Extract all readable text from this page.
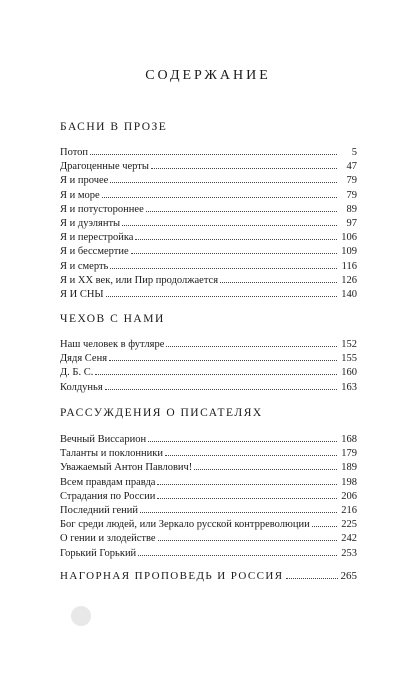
СОДЕРЖАНИЕ
БАСНИ В ПРОЗЕ
Потоп	5
Драгоценные черты	47
Я и прочее	79
Я и море	79
Я и потустороннее	89
Я и дуэлянты	97
Я и перестройка	106
Я и бессмертие	109
Я и смерть	116
Я и XX век, или Пир продолжается	126
Я И СНЫ	140
ЧЕХОВ С НАМИ
Наш человек в футляре	152
Дядя Сеня	155
Д. Б. С.	160
Колдунья	163
РАССУЖДЕНИЯ О ПИСАТЕЛЯХ
Вечный Виссарион	168
Таланты и поклонники	179
Уважаемый Антон Павлович!	189
Всем правдам правда	198
Страдания по России	206
Последний гений	216
Бог среди людей, или Зеркало русской контрреволюции	225
О гении и злодействе	242
Горький Горький	253
НАГОРНАЯ ПРОПОВЕДЬ И РОССИЯ	265
